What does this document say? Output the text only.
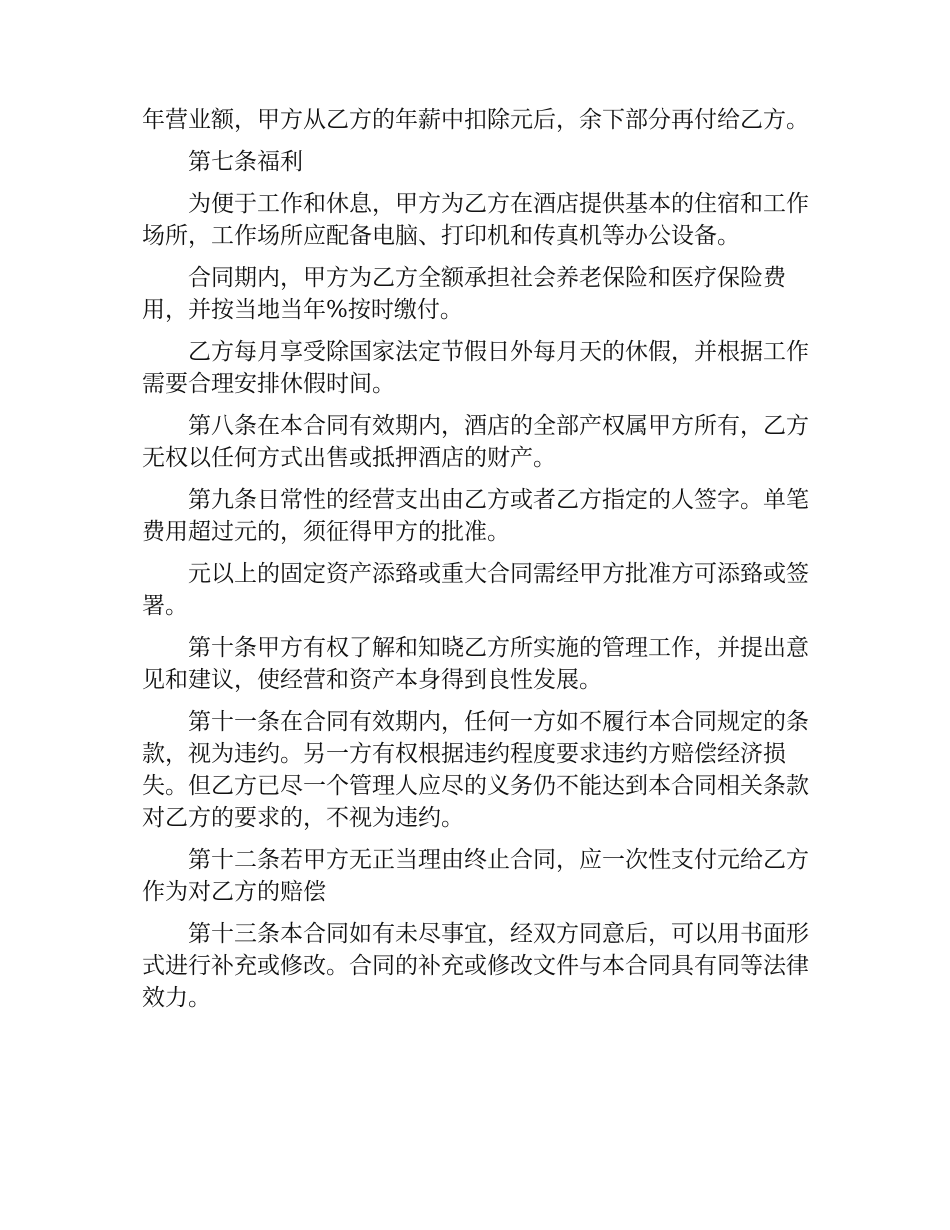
年营业额，甲方从乙方的年薪中扣除元后，余下部分再付给乙方。

第七条福利

为便于工作和休息，甲方为乙方在酒店提供基本的住宿和工作场所，工作场所应配备电脑、打印机和传真机等办公设备。

合同期内，甲方为乙方全额承担社会养老保险和医疗保险费用，并按当地当年%按时缴付。

乙方每月享受除国家法定节假日外每月天的休假，并根据工作需要合理安排休假时间。

第八条在本合同有效期内，酒店的全部产权属甲方所有，乙方无权以任何方式出售或抵押酒店的财产。

第九条日常性的经营支出由乙方或者乙方指定的人签字。单笔费用超过元的，须征得甲方的批准。

元以上的固定资产添臵或重大合同需经甲方批准方可添臵或签署。

第十条甲方有权了解和知晓乙方所实施的管理工作，并提出意见和建议，使经营和资产本身得到良性发展。

第十一条在合同有效期内，任何一方如不履行本合同规定的条款，视为违约。另一方有权根据违约程度要求违约方赔偿经济损失。但乙方已尽一个管理人应尽的义务仍不能达到本合同相关条款对乙方的要求的，不视为违约。

第十二条若甲方无正当理由终止合同，应一次性支付元给乙方作为对乙方的赔偿

第十三条本合同如有未尽事宜，经双方同意后，可以用书面形式进行补充或修改。合同的补充或修改文件与本合同具有同等法律效力。
